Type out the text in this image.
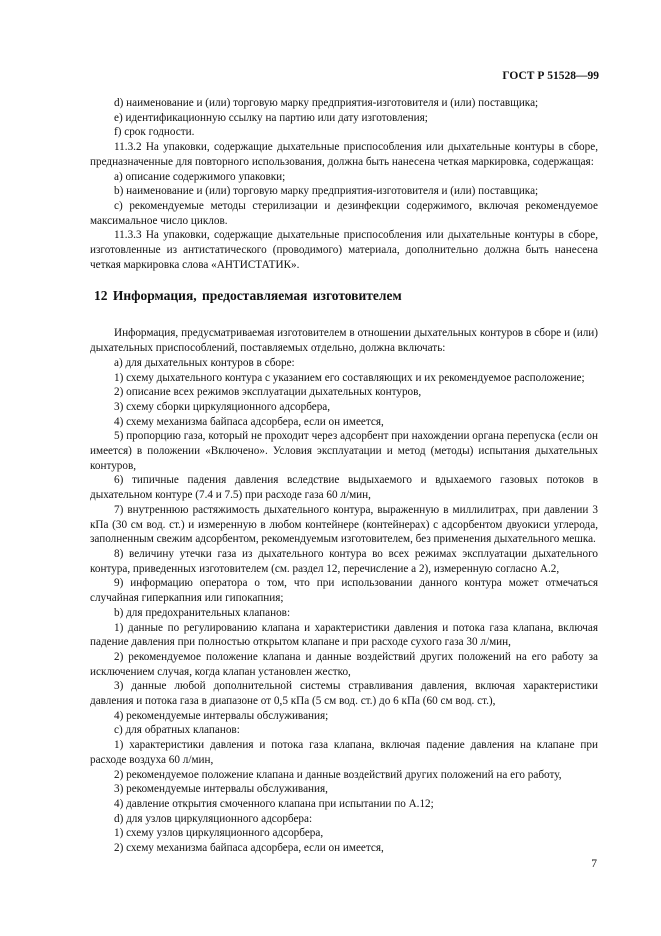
ГОСТ Р 51528—99

d) наименование и (или) торговую марку предприятия-изготовителя и (или) поставщика;

е) идентификационную ссылку на партию или дату изготовления;

f) срок годности.

11.3.2 На упаковки, содержащие дыхательные приспособления или дыхательные контуры в сборе, предназначенные для повторного использования, должна быть нанесена четкая маркировка, содержащая:

а) описание содержимого упаковки;

b) наименование и (или) торговую марку предприятия-изготовителя и (или) поставщика;

с) рекомендуемые методы стерилизации и дезинфекции содержимого, включая рекомендуемое максимальное число циклов.

11.3.3 На упаковки, содержащие дыхательные приспособления или дыхательные контуры в сборе, изготовленные из антистатического (проводимого) материала, дополнительно должна быть нанесена четкая маркировка слова «АНТИСТАТИК».

12 Информация, предоставляемая изготовителем

Информация, предусматриваемая изготовителем в отношении дыхательных контуров в сборе и (или) дыхательных приспособлений, поставляемых отдельно, должна включать:

а) для дыхательных контуров в сборе:

1) схему дыхательного контура с указанием его составляющих и их рекомендуемое расположение;

2) описание всех режимов эксплуатации дыхательных контуров,

3) схему сборки циркуляционного адсорбера,

4) схему механизма байпаса адсорбера, если он имеется,

5) пропорцию газа, который не проходит через адсорбент при нахождении органа перепуска (если он имеется) в положении «Включено». Условия эксплуатации и метод (методы) испытания дыхательных контуров,

6) типичные падения давления вследствие выдыхаемого и вдыхаемого газовых потоков в дыхательном контуре (7.4 и 7.5) при расходе газа 60 л/мин,

7) внутреннюю растяжимость дыхательного контура, выраженную в миллилитрах, при давлении 3 кПа (30 см вод. ст.) и измеренную в любом контейнере (контейнерах) с адсорбентом двуокиси углерода, заполненным свежим адсорбентом, рекомендуемым изготовителем, без применения дыхательного мешка.

8) величину утечки газа из дыхательного контура во всех режимах эксплуатации дыхательного контура, приведенных изготовителем (см. раздел 12, перечисление а 2), измеренную согласно А.2,

9) информацию оператора о том, что при использовании данного контура может отмечаться случайная гиперкапния или гипокапния;

b) для предохранительных клапанов:

1) данные по регулированию клапана и характеристики давления и потока газа клапана, включая падение давления при полностью открытом клапане и при расходе сухого газа 30 л/мин,

2) рекомендуемое положение клапана и данные воздействий других положений на его работу за исключением случая, когда клапан установлен жестко,

3) данные любой дополнительной системы стравливания давления, включая характеристики давления и потока газа в диапазоне от 0,5 кПа (5 см вод. ст.) до 6 кПа (60 см вод. ст.),

4) рекомендуемые интервалы обслуживания;

с) для обратных клапанов:

1) характеристики давления и потока газа клапана, включая падение давления на клапане при расходе воздуха 60 л/мин,

2) рекомендуемое положение клапана и данные воздействий других положений на его работу,

3) рекомендуемые интервалы обслуживания,

4) давление открытия смоченного клапана при испытании по А.12;

d) для узлов циркуляционного адсорбера:

1) схему узлов циркуляционного адсорбера,

2) схему механизма байпаса адсорбера, если он имеется,

7
